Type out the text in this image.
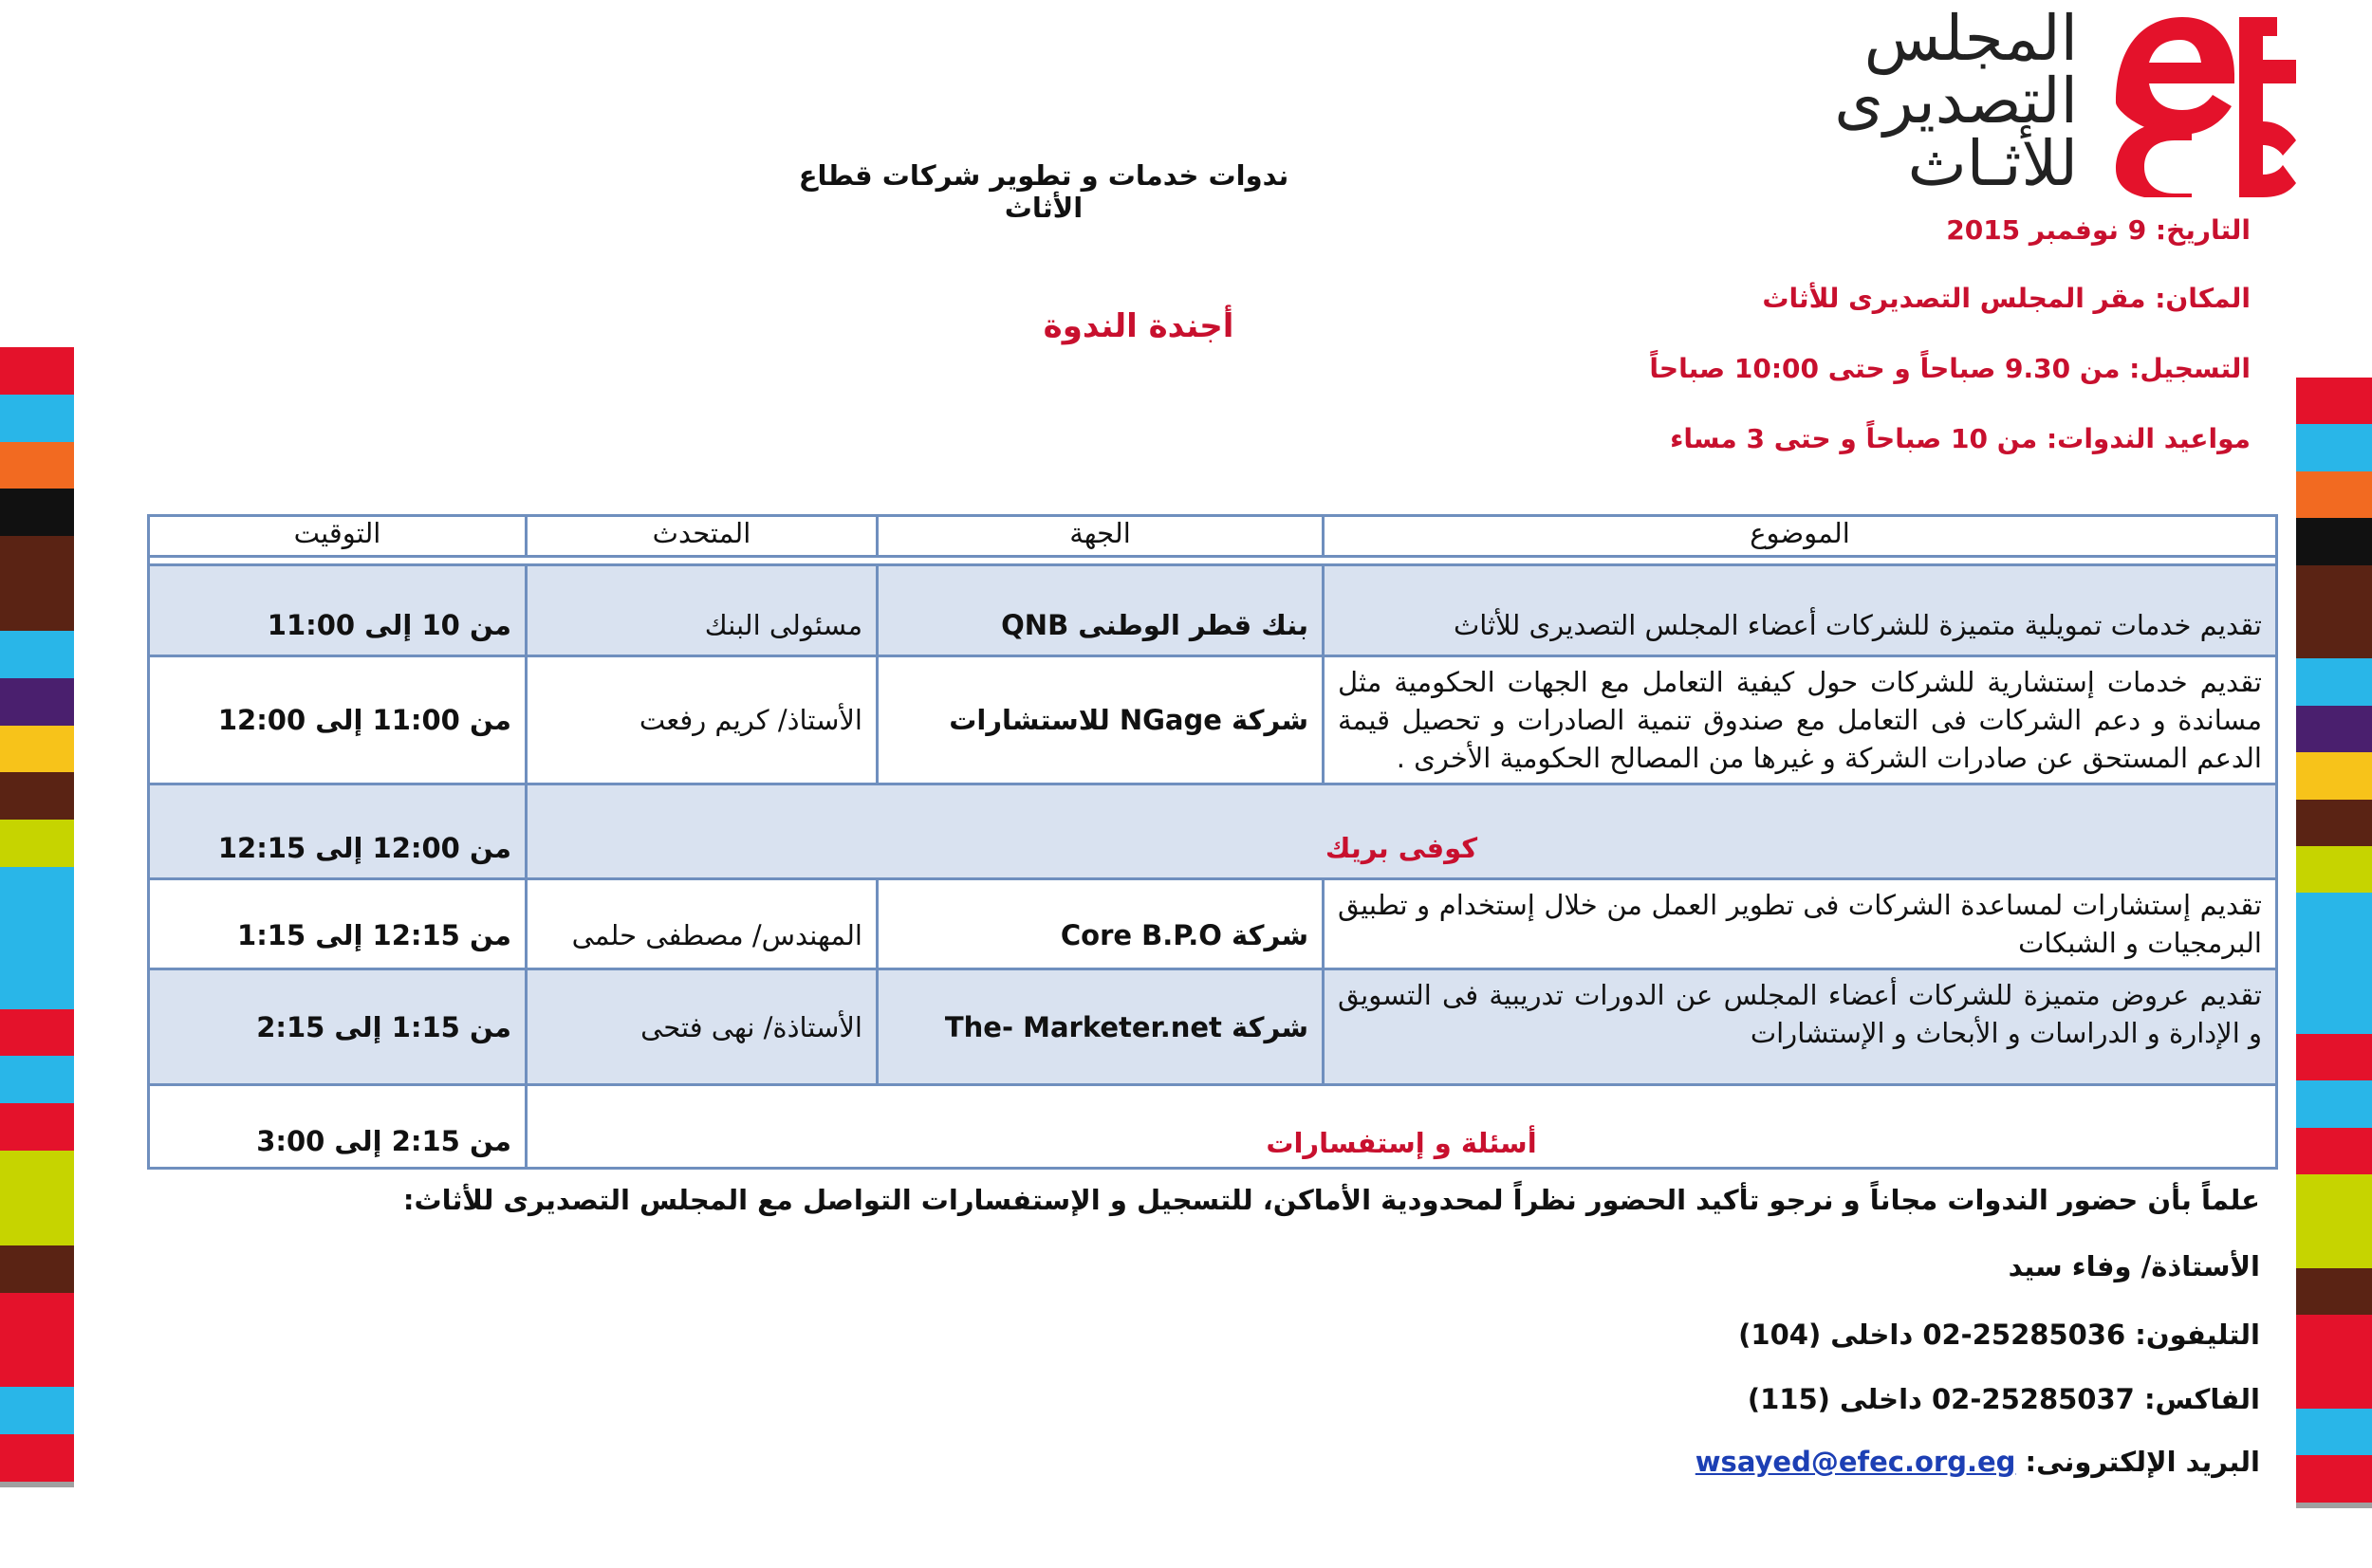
المجلس
التصديرى
للأثـاث
ندوات خدمات و تطوير شركات قطاع الأثاث
أجندة الندوة
التاريخ: 9 نوفمبر 2015
المكان: مقر المجلس التصديرى للأثاث
التسجيل: من 9.30 صباحاً و حتى 10:00 صباحاً
مواعيد الندوات: من 10 صباحاً و حتى 3 مساء
الموضوع	الجهة	المتحدث	التوقيت

تقديم خدمات تمويلية متميزة للشركات أعضاء المجلس التصديرى للأثاث	بنك قطر الوطنى QNB	مسئولى البنك	من 10 إلى 11:00
تقديم خدمات إستشارية للشركات حول كيفية التعامل مع الجهات الحكومية مثل مساندة و دعم الشركات فى التعامل مع صندوق تنمية الصادرات و تحصيل قيمة الدعم المستحق عن صادرات الشركة و غيرها من المصالح الحكومية الأخرى .	شركة NGage للاستشارات	الأستاذ/ كريم رفعت	من 11:00 إلى 12:00
كوفى بريك			من 12:00 إلى 12:15
تقديم إستشارات لمساعدة الشركات فى تطوير العمل من خلال إستخدام و تطبيق البرمجيات و الشبكات	شركة Core B.P.O	المهندس/ مصطفى حلمى	من 12:15 إلى 1:15
تقديم عروض متميزة للشركات أعضاء المجلس عن الدورات تدريبية فى التسويق و الإدارة و الدراسات و الأبحاث و الإستشارات	شركة The- Marketer.net	الأستاذة/ نهى فتحى	من 1:15 إلى 2:15
أسئلة و إستفسارات			من 2:15 إلى 3:00
علماً بأن حضور الندوات مجاناً و نرجو تأكيد الحضور نظراً لمحدودية الأماكن، للتسجيل و الإستفسارات التواصل مع المجلس التصديرى للأثاث:
الأستاذة/ وفاء سيد
التليفون: 25285036-02 داخلى (104)
الفاكس: 25285037-02 داخلى (115)
البريد الإلكترونى: wsayed@efec.org.eg
